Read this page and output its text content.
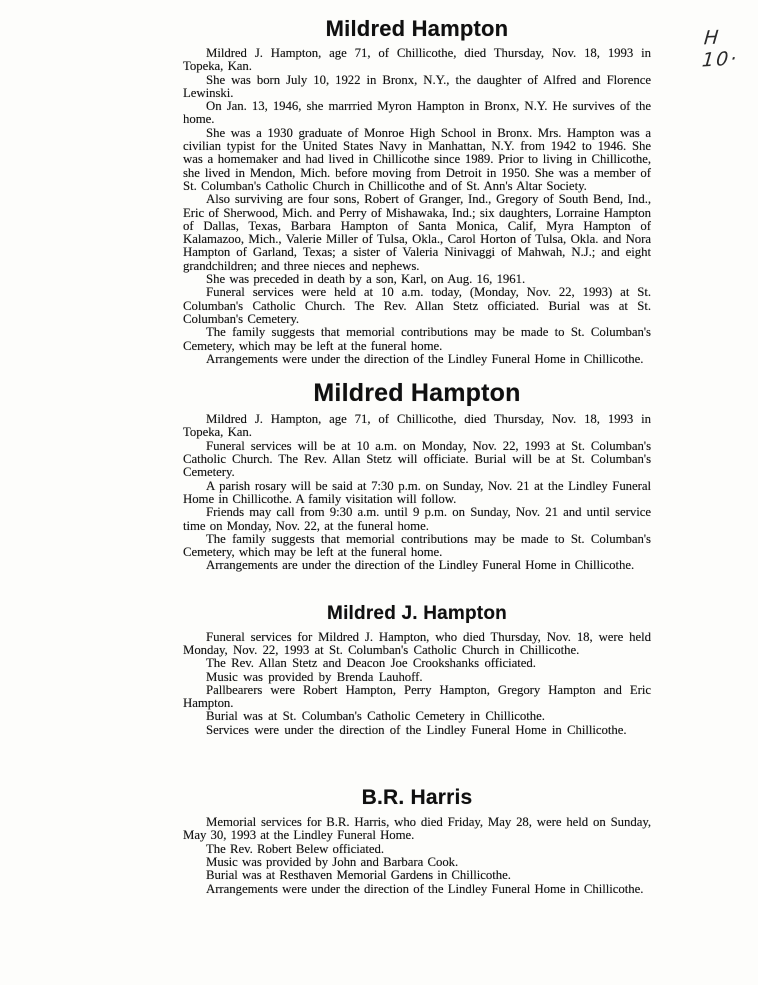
H 10·
Mildred Hampton

Mildred J. Hampton, age 71, of Chillicothe, died Thursday, Nov. 18, 1993 in Topeka, Kan.

She was born July 10, 1922 in Bronx, N.Y., the daughter of Alfred and Florence Lewinski.

On Jan. 13, 1946, she marrried Myron Hampton in Bronx, N.Y. He survives of the home.

She was a 1930 graduate of Monroe High School in Bronx. Mrs. Hampton was a civilian typist for the United States Navy in Manhattan, N.Y. from 1942 to 1946. She was a homemaker and had lived in Chillicothe since 1989. Prior to living in Chillicothe, she lived in Mendon, Mich. before moving from Detroit in 1950. She was a member of St. Columban's Catholic Church in Chillicothe and of St. Ann's Altar Society.

Also surviving are four sons, Robert of Granger, Ind., Gregory of South Bend, Ind., Eric of Sherwood, Mich. and Perry of Mishawaka, Ind.; six daughters, Lorraine Hampton of Dallas, Texas, Barbara Hampton of Santa Monica, Calif, Myra Hampton of Kalamazoo, Mich., Valerie Miller of Tulsa, Okla., Carol Horton of Tulsa, Okla. and Nora Hampton of Garland, Texas; a sister of Valeria Ninivaggi of Mahwah, N.J.; and eight grandchildren; and three nieces and nephews.

She was preceded in death by a son, Karl, on Aug. 16, 1961.

Funeral services were held at 10 a.m. today, (Monday, Nov. 22, 1993) at St. Columban's Catholic Church. The Rev. Allan Stetz officiated. Burial was at St. Columban's Cemetery.

The family suggests that memorial contributions may be made to St. Columban's Cemetery, which may be left at the funeral home.

Arrangements were under the direction of the Lindley Funeral Home in Chillicothe.

Mildred Hampton

Mildred J. Hampton, age 71, of Chillicothe, died Thursday, Nov. 18, 1993 in Topeka, Kan.

Funeral services will be at 10 a.m. on Monday, Nov. 22, 1993 at St. Columban's Catholic Church. The Rev. Allan Stetz will officiate. Burial will be at St. Columban's Cemetery.

A parish rosary will be said at 7:30 p.m. on Sunday, Nov. 21 at the Lindley Funeral Home in Chillicothe. A family visitation will follow.

Friends may call from 9:30 a.m. until 9 p.m. on Sunday, Nov. 21 and until service time on Monday, Nov. 22, at the funeral home.

The family suggests that memorial contributions may be made to St. Columban's Cemetery, which may be left at the funeral home.

Arrangements are under the direction of the Lindley Funeral Home in Chillicothe.

Mildred J. Hampton

Funeral services for Mildred J. Hampton, who died Thursday, Nov. 18, were held Monday, Nov. 22, 1993 at St. Columban's Catholic Church in Chillicothe.

The Rev. Allan Stetz and Deacon Joe Crookshanks officiated.

Music was provided by Brenda Lauhoff.

Pallbearers were Robert Hampton, Perry Hampton, Gregory Hampton and Eric Hampton.

Burial was at St. Columban's Catholic Cemetery in Chillicothe.

Services were under the direction of the Lindley Funeral Home in Chillicothe.

B.R. Harris

Memorial services for B.R. Harris, who died Friday, May 28, were held on Sunday, May 30, 1993 at the Lindley Funeral Home.

The Rev. Robert Belew officiated.

Music was provided by John and Barbara Cook.

Burial was at Resthaven Memorial Gardens in Chillicothe.

Arrangements were under the direction of the Lindley Funeral Home in Chillicothe.
